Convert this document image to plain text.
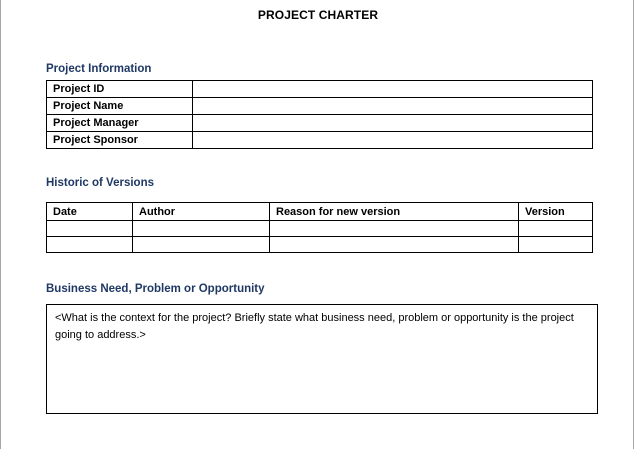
PROJECT CHARTER
Project Information
Project ID	
Project Name	
Project Manager	
Project Sponsor	
Historic of Versions
Date	Author	Reason for new version	Version

Business Need, Problem or Opportunity
<What is the context for the project? Briefly state what business need, problem or opportunity is the project going to address.>
